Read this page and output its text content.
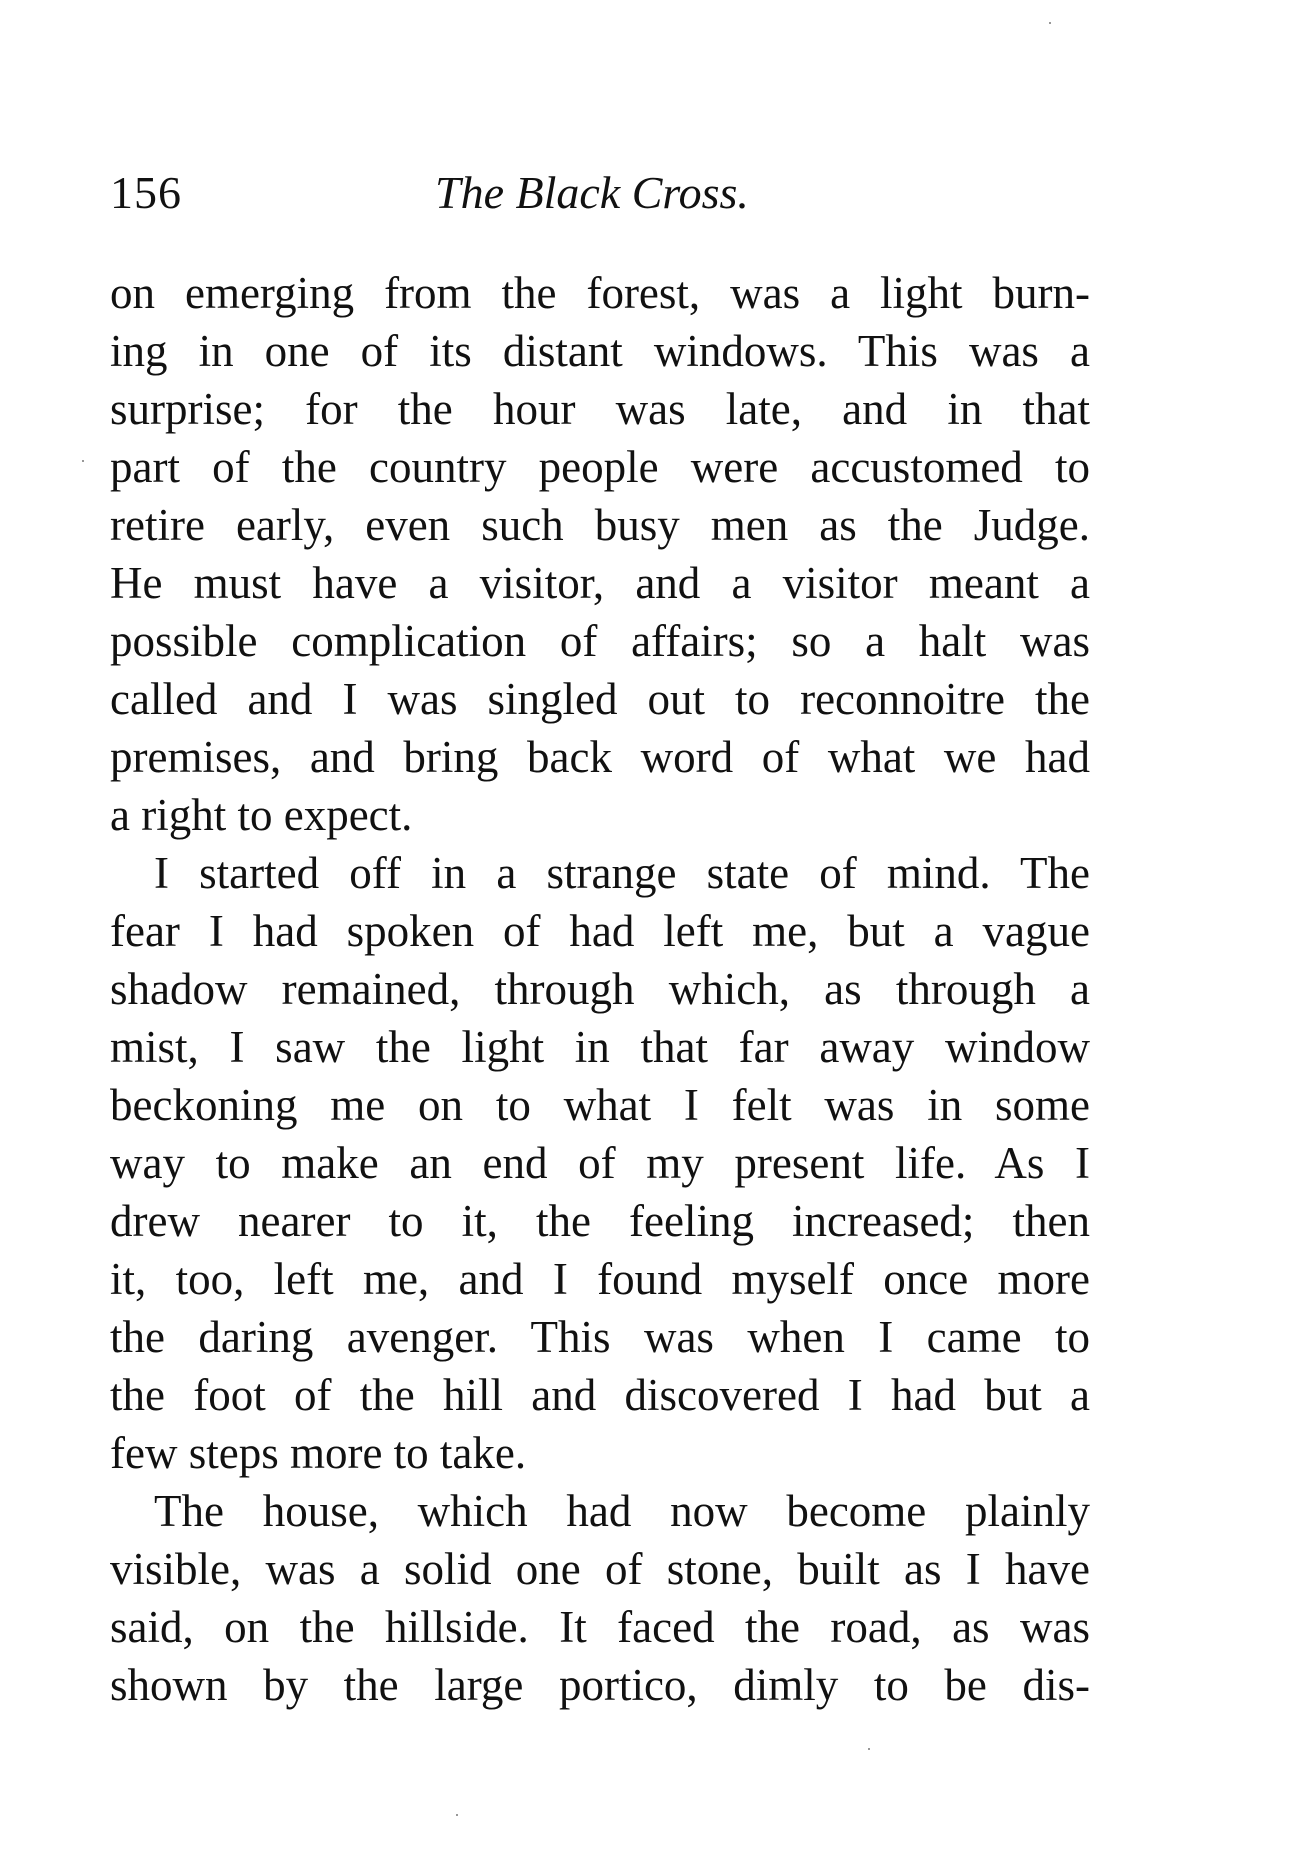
156	The Black Cross.
on emerging from the forest, was a light burn-
ing in one of its distant windows. This was a
surprise; for the hour was late, and in that
part of the country people were accustomed to
retire early, even such busy men as the Judge.
He must have a visitor, and a visitor meant a
possible complication of affairs; so a halt was
called and I was singled out to reconnoitre the
premises, and bring back word of what we had
a right to expect.
I started off in a strange state of mind. The
fear I had spoken of had left me, but a vague
shadow remained, through which, as through a
mist, I saw the light in that far away window
beckoning me on to what I felt was in some
way to make an end of my present life. As I
drew nearer to it, the feeling increased; then
it, too, left me, and I found myself once more
the daring avenger. This was when I came to
the foot of the hill and discovered I had but a
few steps more to take.
The house, which had now become plainly
visible, was a solid one of stone, built as I have
said, on the hillside. It faced the road, as was
shown by the large portico, dimly to be dis-
